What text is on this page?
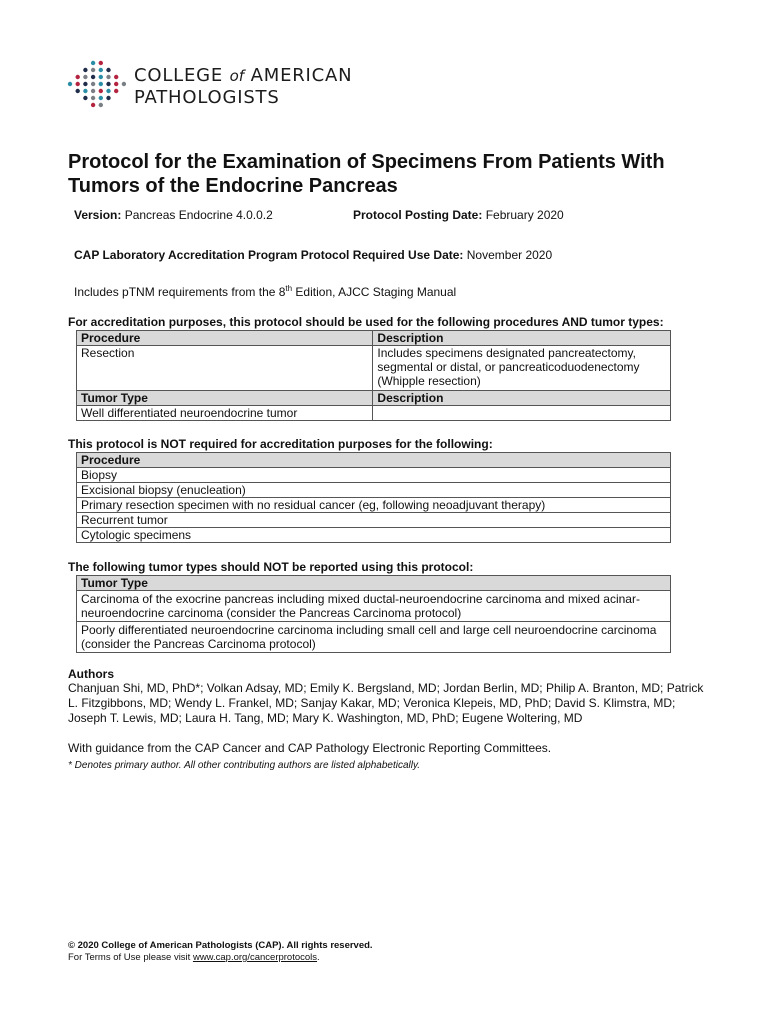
COLLEGE of AMERICAN
PATHOLOGISTS
Protocol for the Examination of Specimens From Patients With Tumors of the Endocrine Pancreas
Version: Pancreas Endocrine 4.0.0.2	Protocol Posting Date: February 2020
CAP Laboratory Accreditation Program Protocol Required Use Date: November 2020
Includes pTNM requirements from the 8th Edition, AJCC Staging Manual
For accreditation purposes, this protocol should be used for the following procedures AND tumor types:
Procedure	Description
Resection	Includes specimens designated pancreatectomy, segmental or distal, or pancreaticoduodenectomy (Whipple resection)
Tumor Type	Description
Well differentiated neuroendocrine tumor	
This protocol is NOT required for accreditation purposes for the following:
Procedure
Biopsy
Excisional biopsy (enucleation)
Primary resection specimen with no residual cancer (eg, following neoadjuvant therapy)
Recurrent tumor
Cytologic specimens
The following tumor types should NOT be reported using this protocol:
Tumor Type
Carcinoma of the exocrine pancreas including mixed ductal-neuroendocrine carcinoma and mixed acinar-neuroendocrine carcinoma (consider the Pancreas Carcinoma protocol)
Poorly differentiated neuroendocrine carcinoma including small cell and large cell neuroendocrine carcinoma (consider the Pancreas Carcinoma protocol)
Authors
Chanjuan Shi, MD, PhD*; Volkan Adsay, MD; Emily K. Bergsland, MD; Jordan Berlin, MD; Philip A. Branton, MD; Patrick L. Fitzgibbons, MD; Wendy L. Frankel, MD; Sanjay Kakar, MD; Veronica Klepeis, MD, PhD; David S. Klimstra, MD; Joseph T. Lewis, MD; Laura H. Tang, MD; Mary K. Washington, MD, PhD; Eugene Woltering, MD
With guidance from the CAP Cancer and CAP Pathology Electronic Reporting Committees.
* Denotes primary author. All other contributing authors are listed alphabetically.
© 2020 College of American Pathologists (CAP). All rights reserved.
For Terms of Use please visit www.cap.org/cancerprotocols.
